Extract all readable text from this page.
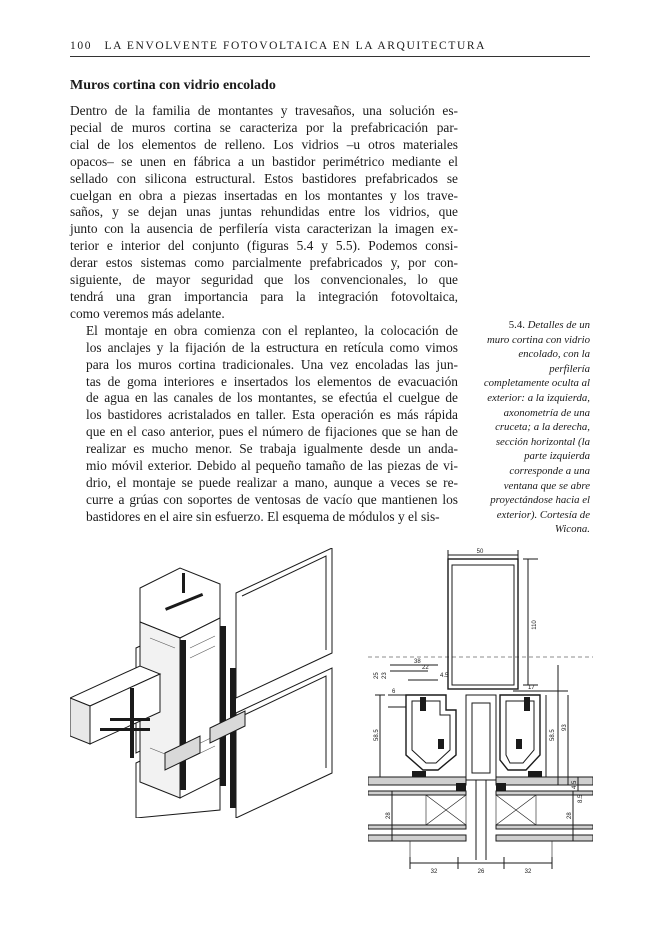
100 LA ENVOLVENTE FOTOVOLTAICA EN LA ARQUITECTURA
Muros cortina con vidrio encolado

Dentro de la familia de montantes y travesaños, una solución es-
pecial de muros cortina se caracteriza por la prefabricación par-
cial de los elementos de relleno. Los vidrios –u otros materiales
opacos– se unen en fábrica a un bastidor perimétrico mediante el
sellado con silicona estructural. Estos bastidores prefabricados se
cuelgan en obra a piezas insertadas en los montantes y los trave-
saños, y se dejan unas juntas rehundidas entre los vidrios, que
junto con la ausencia de perfilería vista caracterizan la imagen ex-
terior e interior del conjunto (figuras 5.4 y 5.5). Podemos consi-
derar estos sistemas como parcialmente prefabricados y, por con-
siguiente, de mayor seguridad que los convencionales, lo que
tendrá una gran importancia para la integración fotovoltaica,
como veremos más adelante.

El montaje en obra comienza con el replanteo, la colocación de
los anclajes y la fijación de la estructura en retícula como vimos
para los muros cortina tradicionales. Una vez encoladas las jun-
tas de goma interiores e insertados los elementos de evacuación
de agua en las canales de los montantes, se efectúa el cuelgue de
los bastidores acristalados en taller. Esta operación es más rápida
que en el caso anterior, pues el número de fijaciones que se han de
realizar es mucho menor. Se trabaja igualmente desde un anda-
mio móvil exterior. Debido al pequeño tamaño de las piezas de vi-
drio, el montaje se puede realizar a mano, aunque a veces se re-
curre a grúas con soportes de ventosas de vacío que mantienen los
bastidores en el aire sin esfuerzo. El esquema de módulos y el sis-

5.4. Detalles de un
muro cortina con vidrio
encolado, con la
perfilería
completamente oculta al
exterior: a la izquierda,
axonometría de una
cruceta; a la derecha,
sección horizontal (la
parte izquierda
corresponde a una
ventana que se abre
proyectándose hacia el
exterior). Cortesía de
Wicona.
50
110
38
22
4.5
17
6
25 23
58.5	58.5
93
4.5
8.5
28	28
32	26	32
